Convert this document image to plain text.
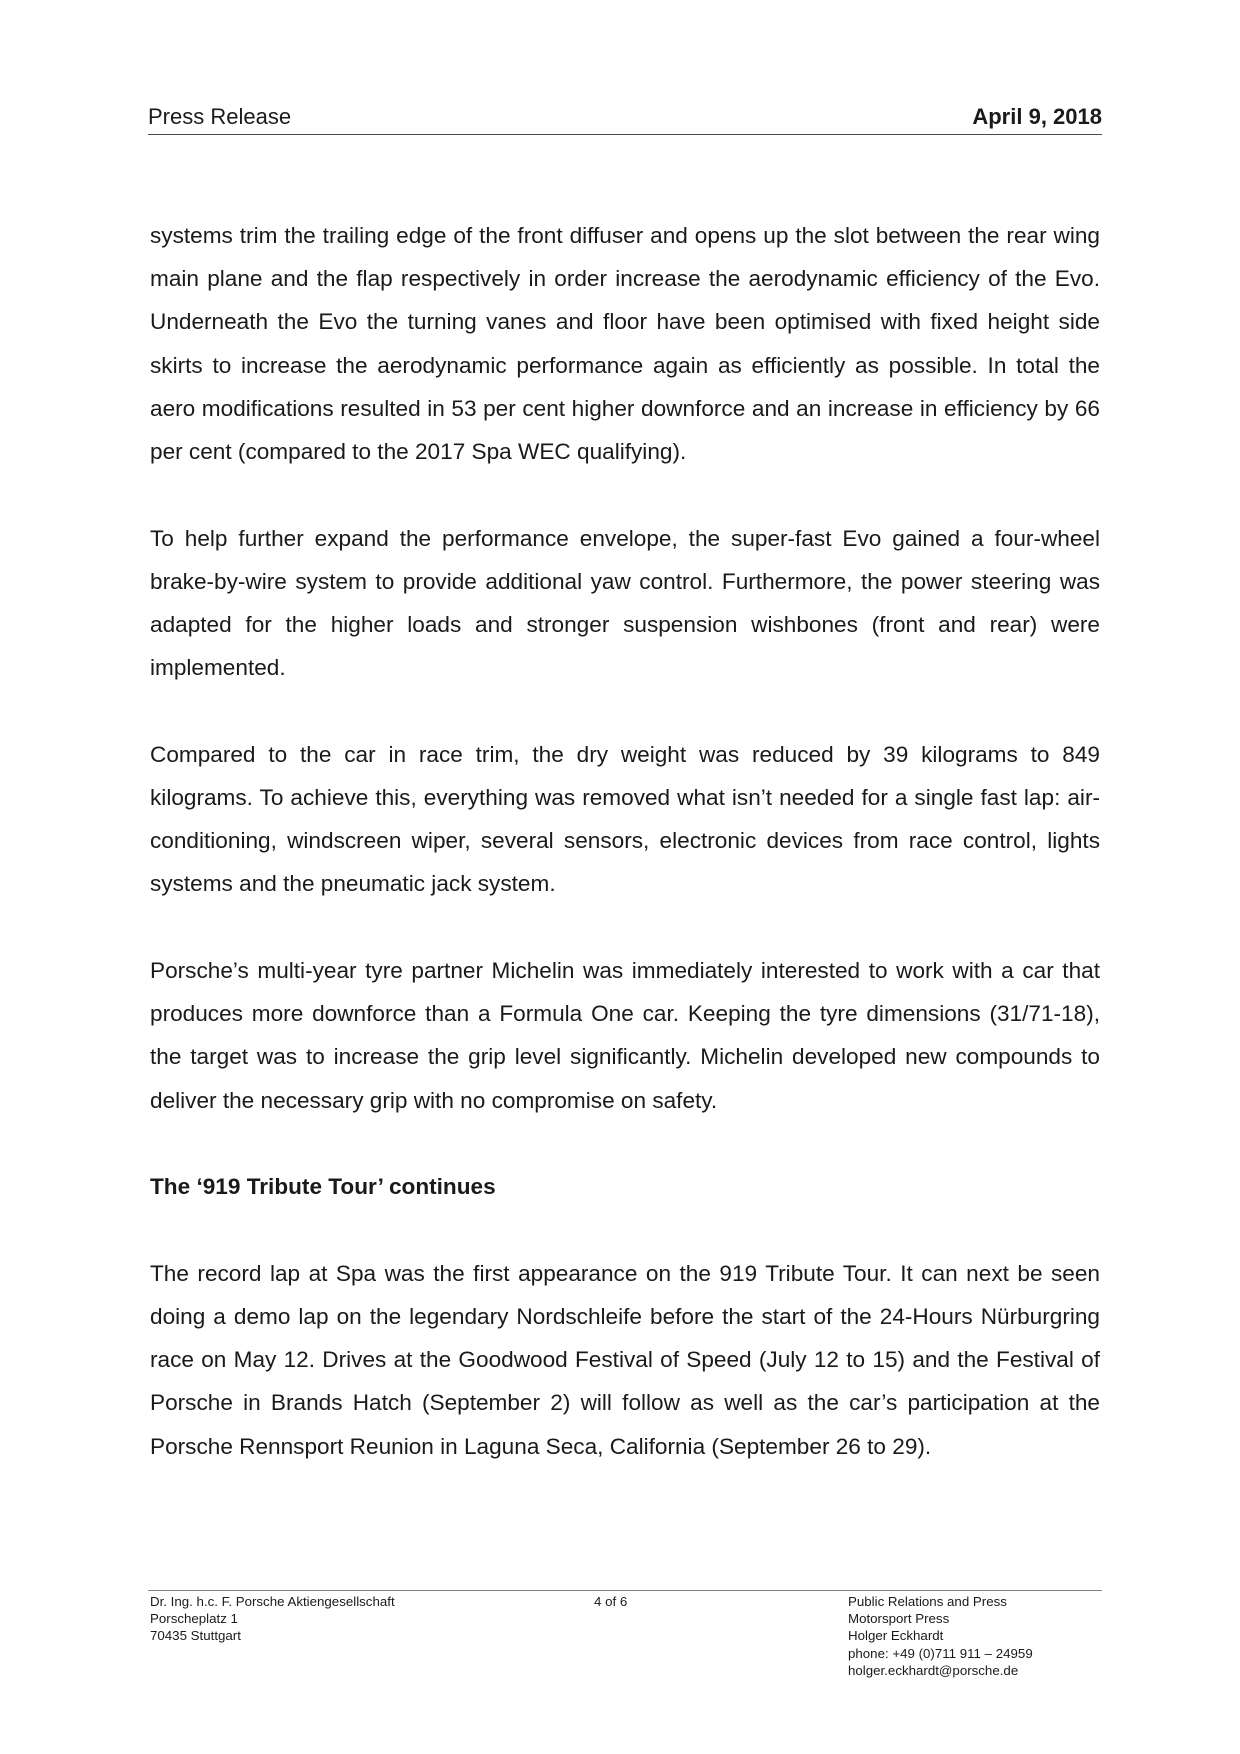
Press Release	April 9, 2018

systems trim the trailing edge of the front diffuser and opens up the slot between the rear wing main plane and the flap respectively in order increase the aerodynamic efficiency of the Evo. Underneath the Evo the turning vanes and floor have been optimised with fixed height side skirts to increase the aerodynamic performance again as efficiently as possible. In total the aero modifications resulted in 53 per cent higher downforce and an increase in efficiency by 66 per cent (compared to the 2017 Spa WEC qualifying).

To help further expand the performance envelope, the super-fast Evo gained a four-wheel brake-by-wire system to provide additional yaw control. Furthermore, the power steering was adapted for the higher loads and stronger suspension wishbones (front and rear) were implemented.

Compared to the car in race trim, the dry weight was reduced by 39 kilograms to 849 kilograms. To achieve this, everything was removed what isn’t needed for a single fast lap: air-conditioning, windscreen wiper, several sensors, electronic devices from race control, lights systems and the pneumatic jack system.

Porsche’s multi-year tyre partner Michelin was immediately interested to work with a car that produces more downforce than a Formula One car. Keeping the tyre dimensions (31/71-18), the target was to increase the grip level significantly. Michelin developed new compounds to deliver the necessary grip with no compromise on safety.

The ‘919 Tribute Tour’ continues

The record lap at Spa was the first appearance on the 919 Tribute Tour. It can next be seen doing a demo lap on the legendary Nordschleife before the start of the 24-Hours Nürburgring race on May 12. Drives at the Goodwood Festival of Speed (July 12 to 15) and the Festival of Porsche in Brands Hatch (September 2) will follow as well as the car’s participation at the Porsche Rennsport Reunion in Laguna Seca, California (September 26 to 29).

Dr. Ing. h.c. F. Porsche Aktiengesellschaft
Porscheplatz 1
70435 Stuttgart
4 of 6	Public Relations and Press
Motorsport Press
Holger Eckhardt
phone: +49 (0)711 911 – 24959
holger.eckhardt@porsche.de
